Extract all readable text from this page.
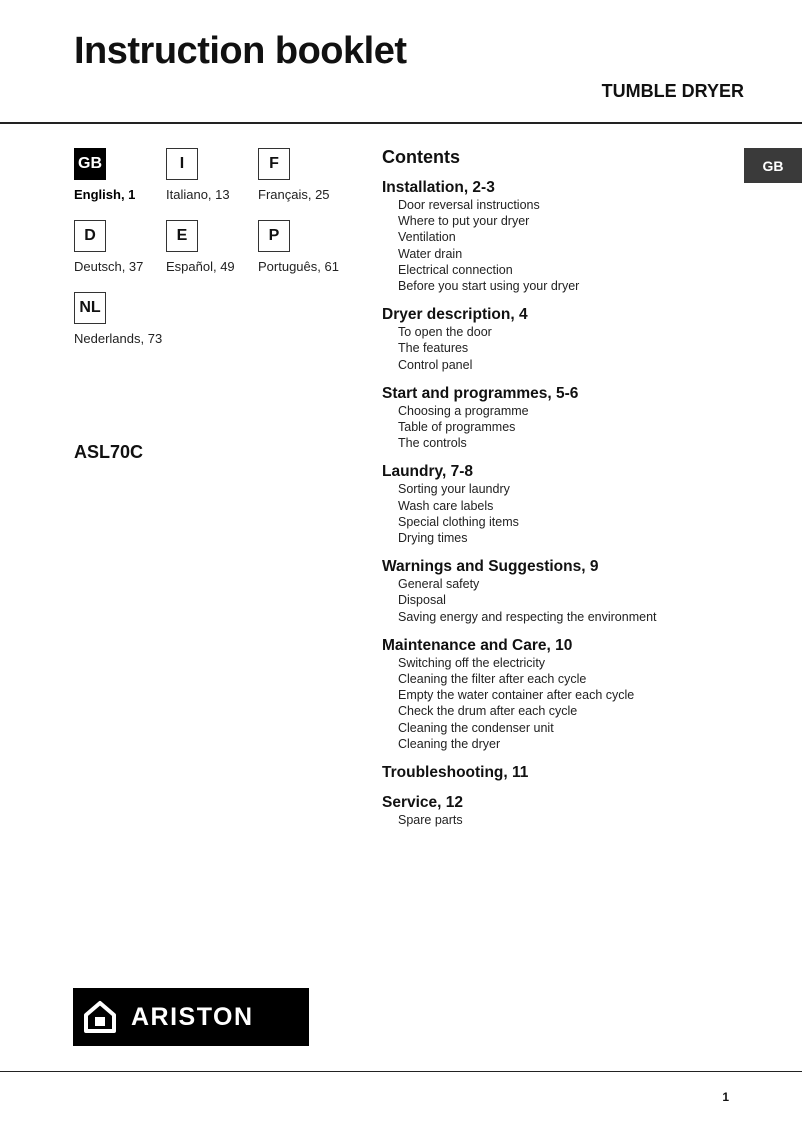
Instruction booklet
TUMBLE DRYER
GB
English, 1
I
Italiano, 13
F
Français, 25
D
Deutsch, 37
E
Español, 49
P
Português, 61
NL
Nederlands, 73
ASL70C
GB
Contents
Installation, 2-3
Door reversal instructions
Where to put your dryer
Ventilation
Water drain
Electrical connection
Before you start using your dryer
Dryer description, 4
To open the door
The features
Control panel
Start and programmes, 5-6
Choosing a programme
Table of programmes
The controls
Laundry, 7-8
Sorting your laundry
Wash care labels
Special clothing items
Drying times
Warnings and Suggestions, 9
General safety
Disposal
Saving energy and respecting the environment
Maintenance and Care, 10
Switching off the electricity
Cleaning the filter after each cycle
Empty the water container after each cycle
Check the drum after each cycle
Cleaning the condenser unit
Cleaning the dryer
Troubleshooting, 11
Service, 12
Spare parts
ARISTON
1
